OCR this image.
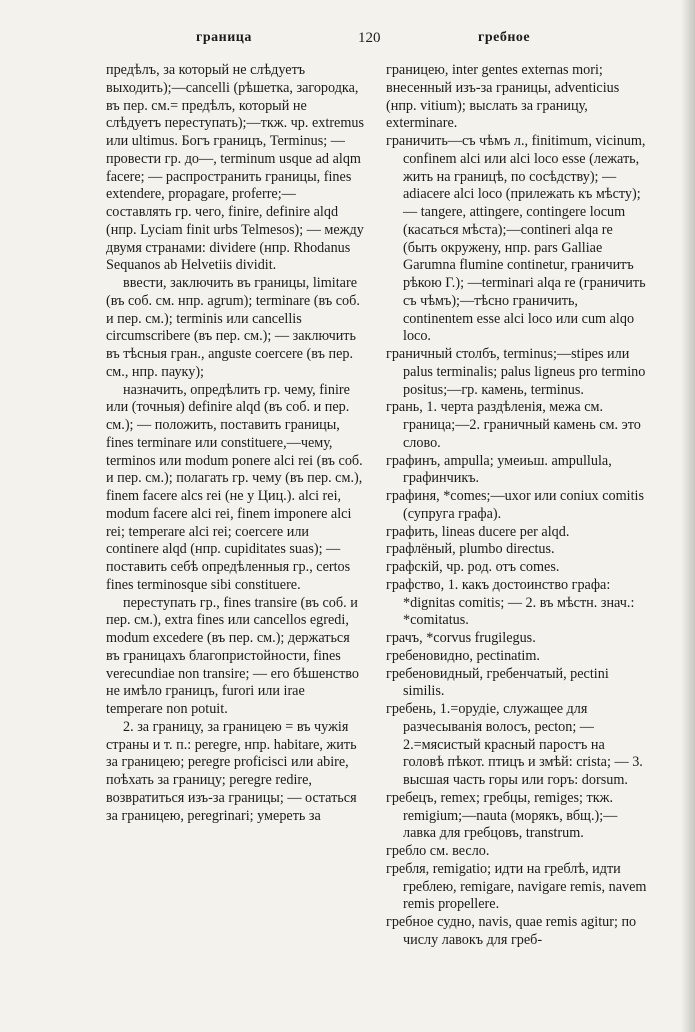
граница	120	гребное

предѣлъ, за который не слѣдуетъ выходить);—cancelli (рѣшетка, загородка, въ пер. см.= предѣлъ, который не слѣдуетъ переступать);—ткж. чр. extremus или ultimus. Богъ границъ, Terminus; — провести гр. до—, terminum usque ad alqm facere; — распространить границы, fines extendere, propagare, proferre;— составлять гр. чего, finire, definire alqd (нпр. Lyciam finit urbs Telmesos); — между двумя странами: dividere (нпр. Rhodanus Sequanos ab Helvetiis dividit.

ввести, заключить въ границы, limitare (въ соб. см. нпр. agrum); terminare (въ соб. и пер. см.); terminis или cancellis circumscribere (въ пер. см.); — заключить въ тѣсныя гран., anguste coercere (въ пер. см., нпр. пауку);

назначить, опредѣлить гр. чему, finire или (точныя) definire alqd (въ соб. и пер. см.); — положить, поставить границы, fines terminare или constituere,—чему, terminos или modum ponere alci rei (въ соб. и пер. см.); полагать гр. чему (въ пер. см.), finem facere alcs rei (не у Циц.). alci rei, modum facere alci rei, finem imponere alci rei; temperare alci rei; coercere или continere alqd (нпр. cupiditates suas); — поставить себѣ опредѣленныя гр., certos fines terminosque sibi constituere.

переступать гр., fines transire (въ соб. и пер. см.), extra fines или cancellos egredi, modum excedere (въ пер. см.); держаться въ границахъ благопристойности, fines verecundiae non transire; — его бѣшенство не имѣло границъ, furori или irae temperare non potuit.

2. за границу, за границею = въ чужія страны и т. п.: peregre, нпр. habitare, жить за границею; peregre proficisci или abire, поѣхать за границу; peregre redire, возвратиться изъ-за границы; — остаться за границею, peregrinari; умереть за

границею, inter gentes externas mori; внесенный изъ-за границы, adventicius (нпр. vitium); выслать за границу, exterminare.

граничить—съ чѣмъ л., finitimum, vicinum, confinem alci или alci loco esse (лежать, жить на границѣ, по сосѣдству); — adiacere alci loco (прилежать къ мѣсту); — tangere, attingere, contingere locum (касаться мѣста);—contineri alqa re (быть окружену, нпр. pars Galliae Garumna flumine continetur, граничитъ рѣкою Г.); —terminari alqa re (граничить съ чѣмъ);—тѣсно граничить, continentem esse alci loco или cum alqo loco.

граничный столбъ, terminus;—stipes или palus terminalis; palus ligneus pro termino positus;—гр. камень, terminus.

грань, 1. черта раздѣленія, межа см. граница;—2. граничный камень см. это слово.

графинъ, ampulla; умеиьш. ampullula, графинчикъ.

графиня, *comes;—uxor или coniux comitis (супруга графа).

графить, lineas ducere per alqd.

графлёный, plumbo directus.

графскій, чр. род. отъ comes.

графство, 1. какъ достоинство графа: *dignitas comitis; — 2. въ мѣстн. знач.: *comitatus.

грачъ, *corvus frugilegus.

гребеновидно, pectinatim.

гребеновидный, гребенчатый, pectini similis.

гребень, 1.=орудіе, служащее для разчесыванія волосъ, pecton; — 2.=мясистый красный паростъ на головѣ пѣкот. птицъ и змѣй: crista; — 3. высшая часть горы или горъ: dorsum.

гребецъ, remex; гребцы, remiges; ткж. remigium;—nauta (морякъ, вбщ.);—лавка для гребцовъ, transtrum.

гребло см. весло.

гребля, remigatio; идти на греблѣ, идти греблею, remigare, navigare remis, navem remis propellere.

гребное судно, navis, quae remis agitur; по числу лавокъ для греб-
